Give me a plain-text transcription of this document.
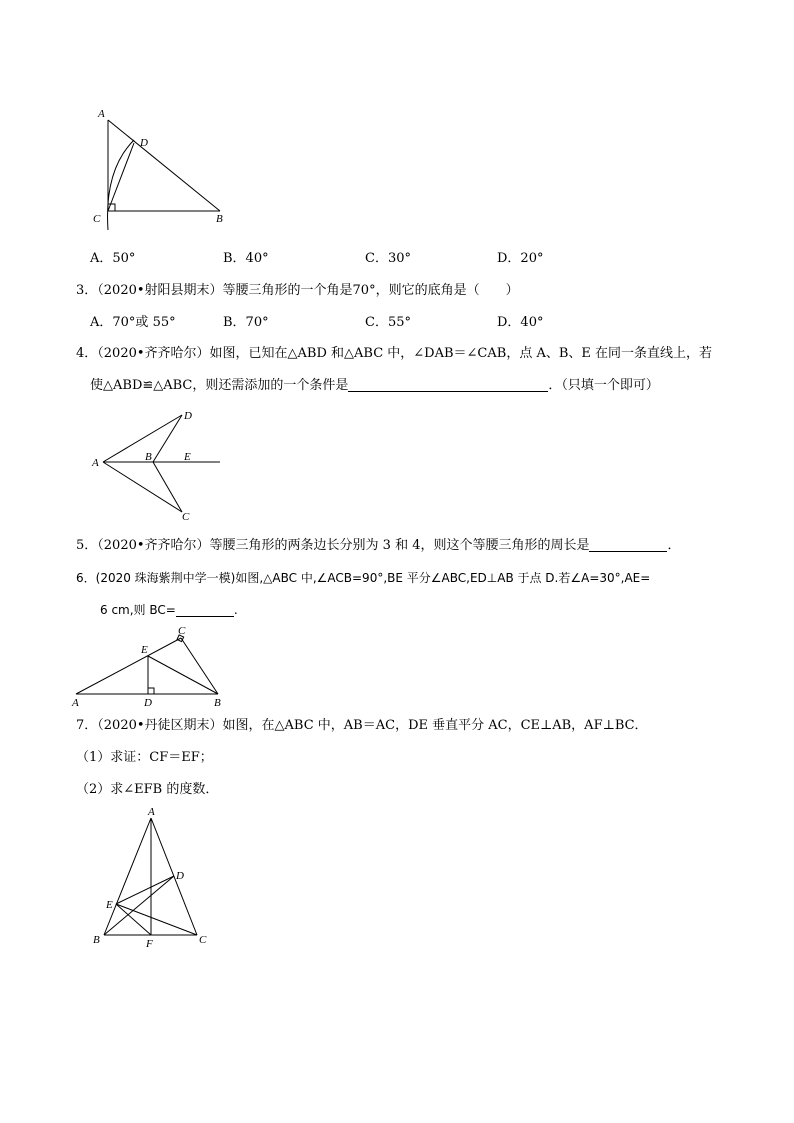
A
D
C	B
A．50°	B．40°	C．30°	D．20°
3．（2020•射阳县期末）等腰三角形的一个角是70°，则它的底角是（　　）
A．70°或 55°	B．70°	C．55°	D．40°
4．（2020•齐齐哈尔）如图，已知在△ABD 和△ABC 中，∠DAB＝∠CAB，点 A、B、E 在同一条直线上，若
使△ABD≌△ABC，则还需添加的一个条件是	．（只填一个即可）
A	B	E
D
C
5．（2020•齐齐哈尔）等腰三角形的两条边长分别为 3 和 4，则这个等腰三角形的周长是	．
6．(2020 珠海紫荆中学一模)如图,△ABC 中,∠ACB=90°,BE 平分∠ABC,ED⊥AB 于点 D.若∠A=30°,AE=
6 cm,则 BC=	.
A	B
C
D
E
7．（2020•丹徒区期末）如图，在△ABC 中，AB＝AC，DE 垂直平分 AC，CE⊥AB，AF⊥BC．
（1）求证：CF＝EF；
（2）求∠EFB 的度数．
A
B	C
D
E
F
